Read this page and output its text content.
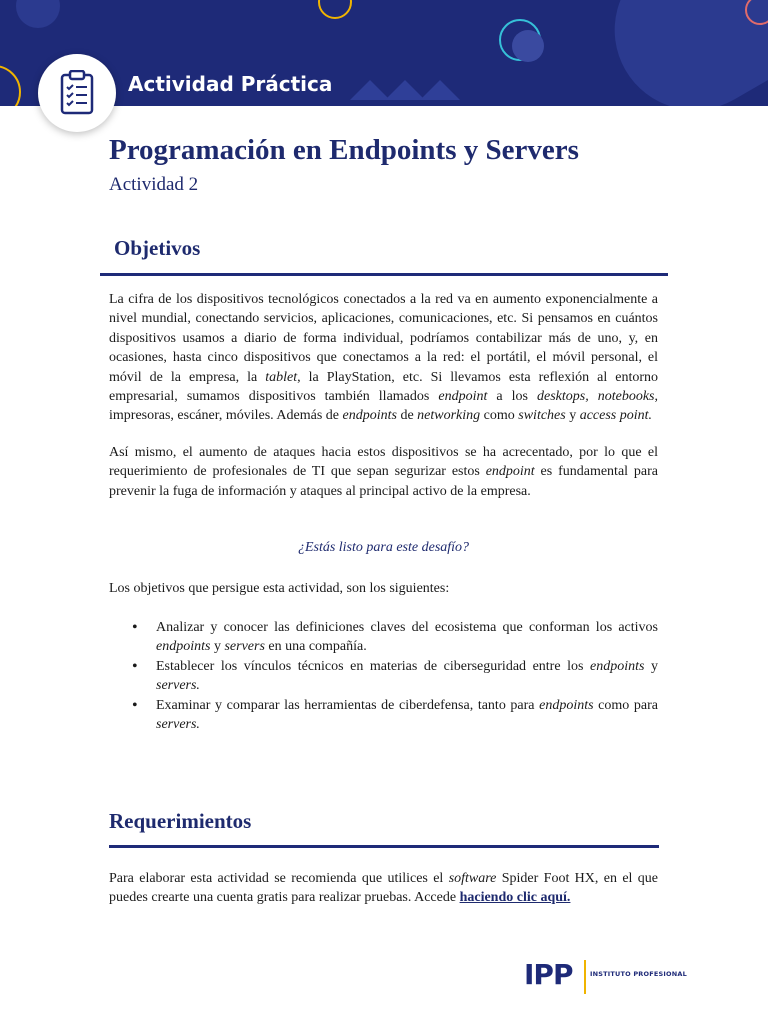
Actividad Práctica
Programación en Endpoints y Servers
Actividad 2
Objetivos
La cifra de los dispositivos tecnológicos conectados a la red va en aumento exponencialmente a nivel mundial, conectando servicios, aplicaciones, comunicaciones, etc. Si pensamos en cuántos dispositivos usamos a diario de forma individual, podríamos contabilizar más de uno, y, en ocasiones, hasta cinco dispositivos que conectamos a la red: el portátil, el móvil personal, el móvil de la empresa, la tablet, la PlayStation, etc. Si llevamos esta reflexión al entorno empresarial, sumamos dispositivos también llamados endpoint a los desktops, notebooks, impresoras, escáner, móviles. Además de endpoints de networking como switches y access point.
Así mismo, el aumento de ataques hacia estos dispositivos se ha acrecentado, por lo que el requerimiento de profesionales de TI que sepan segurizar estos endpoint es fundamental para prevenir la fuga de información y ataques al principal activo de la empresa.
¿Estás listo para este desafío?
Los objetivos que persigue esta actividad, son los siguientes:
• Analizar y conocer las definiciones claves del ecosistema que conforman los activos endpoints y servers en una compañía.
• Establecer los vínculos técnicos en materias de ciberseguridad entre los endpoints y servers.
• Examinar y comparar las herramientas de ciberdefensa, tanto para endpoints como para servers.
Requerimientos
Para elaborar esta actividad se recomienda que utilices el software Spider Foot HX, en el que puedes crearte una cuenta gratis para realizar pruebas. Accede haciendo clic aquí.
IPP	INSTITUTO PROFESIONAL
